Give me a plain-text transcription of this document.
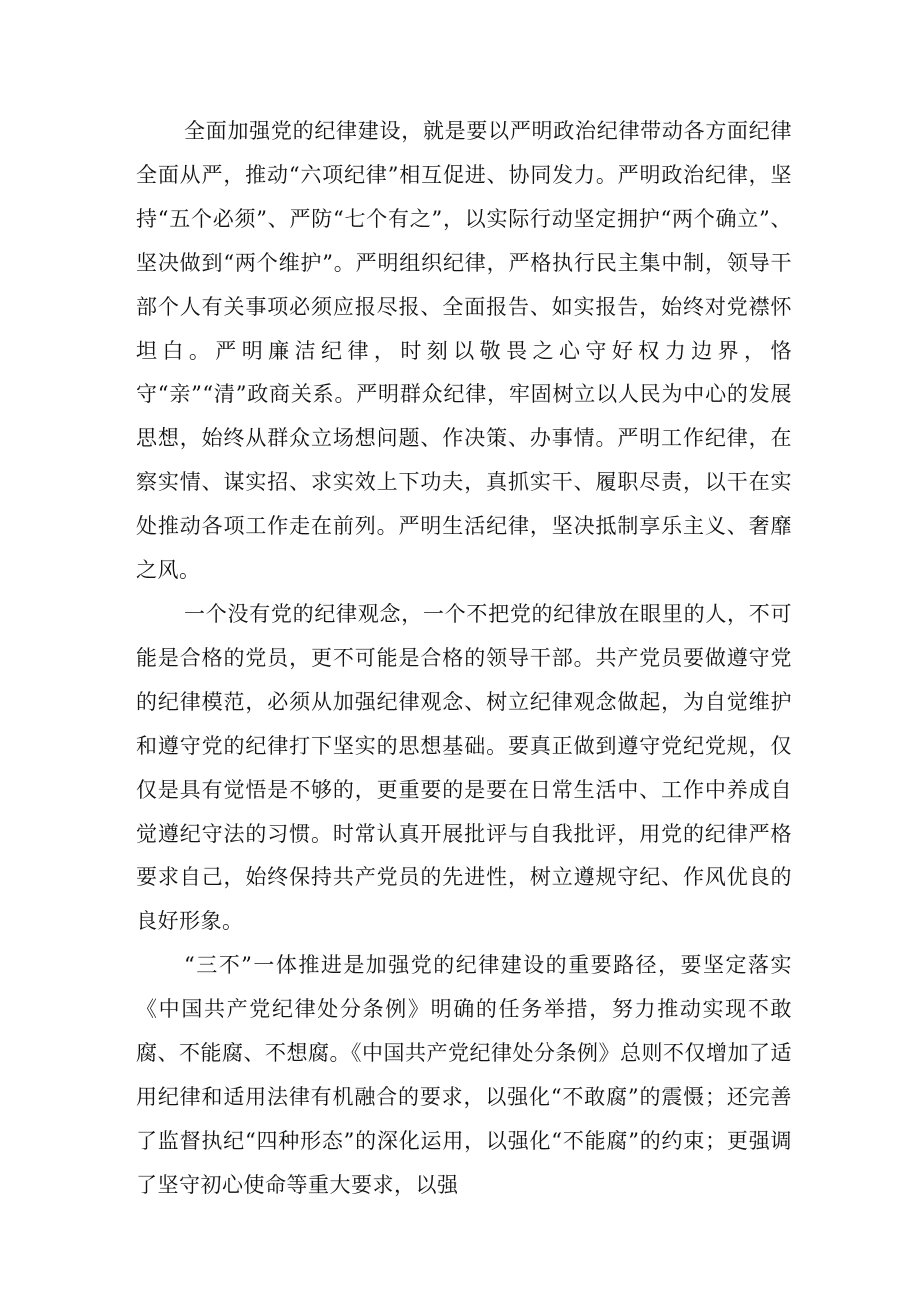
全面加强党的纪律建设，就是要以严明政治纪律带动各方面纪律全面从严，推动“六项纪律”相互促进、协同发力。严明政治纪律，坚持“五个必须”、严防“七个有之”，以实际行动坚定拥护“两个确立”、坚决做到“两个维护”。严明组织纪律，严格执行民主集中制，领导干部个人有关事项必须应报尽报、全面报告、如实报告，始终对党襟怀坦白。严明廉洁纪律，时刻以敬畏之心守好权力边界，恪守“亲”“清”政商关系。严明群众纪律，牢固树立以人民为中心的发展思想，始终从群众立场想问题、作决策、办事情。严明工作纪律，在察实情、谋实招、求实效上下功夫，真抓实干、履职尽责，以干在实处推动各项工作走在前列。严明生活纪律，坚决抵制享乐主义、奢靡之风。

一个没有党的纪律观念，一个不把党的纪律放在眼里的人，不可能是合格的党员，更不可能是合格的领导干部。共产党员要做遵守党的纪律模范，必须从加强纪律观念、树立纪律观念做起，为自觉维护和遵守党的纪律打下坚实的思想基础。要真正做到遵守党纪党规，仅仅是具有觉悟是不够的，更重要的是要在日常生活中、工作中养成自觉遵纪守法的习惯。时常认真开展批评与自我批评，用党的纪律严格要求自己，始终保持共产党员的先进性，树立遵规守纪、作风优良的良好形象。

“三不”一体推进是加强党的纪律建设的重要路径，要坚定落实《中国共产党纪律处分条例》明确的任务举措，努力推动实现不敢腐、不能腐、不想腐。《中国共产党纪律处分条例》总则不仅增加了适用纪律和适用法律有机融合的要求，以强化“不敢腐”的震慑；还完善了监督执纪“四种形态”的深化运用，以强化“不能腐”的约束；更强调了坚守初心使命等重大要求，以强
